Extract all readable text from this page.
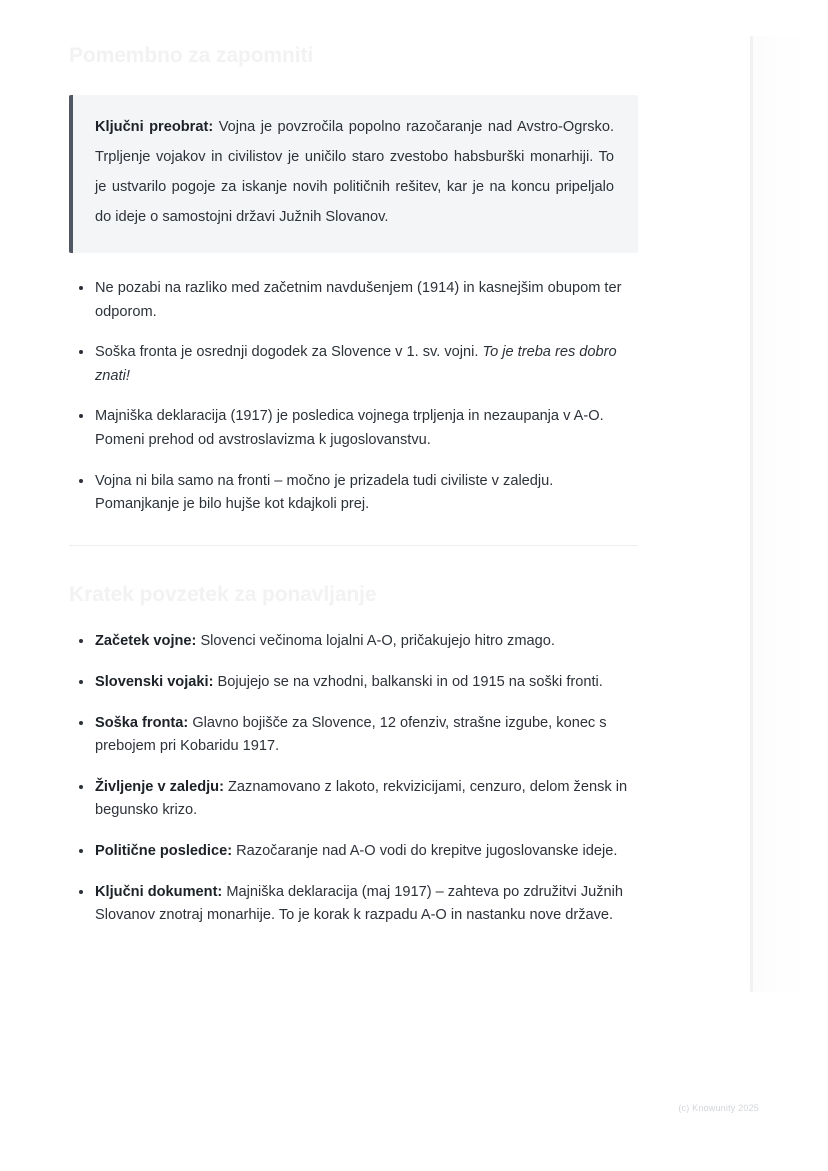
Pomembno za zapomniti

Ključni preobrat: Vojna je povzročila popolno razočaranje nad Avstro-Ogrsko. Trpljenje vojakov in civilistov je uničilo staro zvestobo habsburški monarhiji. To je ustvarilo pogoje za iskanje novih političnih rešitev, kar je na koncu pripeljalo do ideje o samostojni državi Južnih Slovanov.

Ne pozabi na razliko med začetnim navdušenjem (1914) in kasnejšim obupom ter odporom.
Soška fronta je osrednji dogodek za Slovence v 1. sv. vojni. To je treba res dobro znati!
Majniška deklaracija (1917) je posledica vojnega trpljenja in nezaupanja v A-O. Pomeni prehod od avstroslavizma k jugoslovanstvu.
Vojna ni bila samo na fronti – močno je prizadela tudi civiliste v zaledju. Pomanjkanje je bilo hujše kot kdajkoli prej.
Kratek povzetek za ponavljanje
Začetek vojne: Slovenci večinoma lojalni A-O, pričakujejo hitro zmago.
Slovenski vojaki: Bojujejo se na vzhodni, balkanski in od 1915 na soški fronti.
Soška fronta: Glavno bojišče za Slovence, 12 ofenziv, strašne izgube, konec s prebojem pri Kobaridu 1917.
Življenje v zaledju: Zaznamovano z lakoto, rekvizicijami, cenzuro, delom žensk in begunsko krizo.
Politične posledice: Razočaranje nad A-O vodi do krepitve jugoslovanske ideje.
Ključni dokument: Majniška deklaracija (maj 1917) – zahteva po združitvi Južnih Slovanov znotraj monarhije. To je korak k razpadu A-O in nastanku nove države.
(c) Knowunity 2025
